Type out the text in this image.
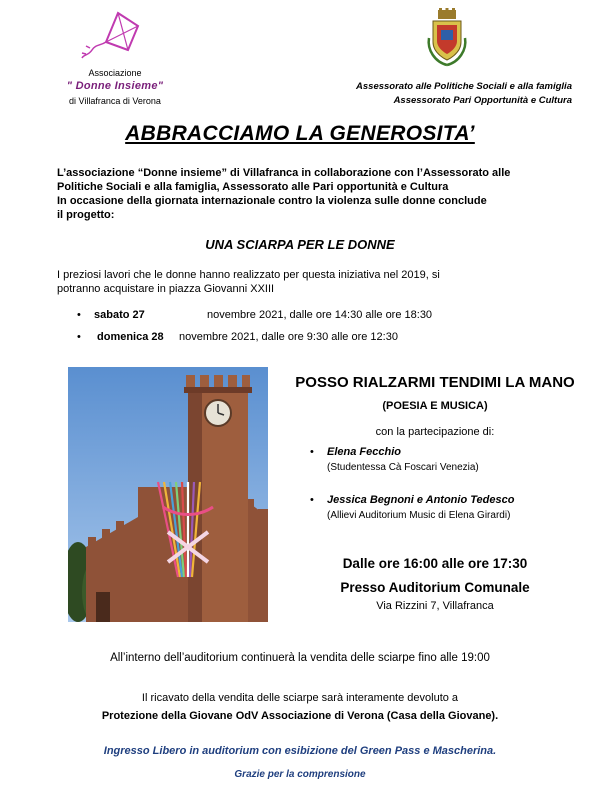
Associazione
" Donne Insieme"
di Villafranca di Verona
Assessorato alle Politiche Sociali e alla famiglia
Assessorato Pari Opportunità e Cultura
ABBRACCIAMO LA GENEROSITA’
L’associazione “Donne insieme” di Villafranca in collaborazione con l’Assessorato alle
Politiche Sociali e alla famiglia, Assessorato alle Pari opportunità e Cultura
In occasione della giornata internazionale contro la violenza sulle donne conclude
il progetto:
UNA SCIARPA PER LE DONNE
I preziosi lavori che le donne hanno realizzato per questa iniziativa nel 2019, si
potranno acquistare in piazza Giovanni XXIII
• sabato 27	novembre 2021, dalle ore 14:30 alle ore 18:30
• domenica 28 novembre 2021, dalle ore 9:30 alle ore 12:30
POSSO RIALZARMI TENDIMI LA MANO
(POESIA E MUSICA)
con la partecipazione di:
• Elena Fecchio
(Studentessa Cà Foscari Venezia)
• Jessica Begnoni e Antonio Tedesco
(Allievi Auditorium Music di Elena Girardi)
Dalle ore 16:00 alle ore 17:30
Presso Auditorium Comunale
Via Rizzini 7, Villafranca
All’interno dell’auditorium continuerà la vendita delle sciarpe fino alle 19:00
Il ricavato della vendita delle sciarpe sarà interamente devoluto a
Protezione della Giovane OdV Associazione di Verona (Casa della Giovane).
Ingresso Libero in auditorium con esibizione del Green Pass e Mascherina.
Grazie per la comprensione
